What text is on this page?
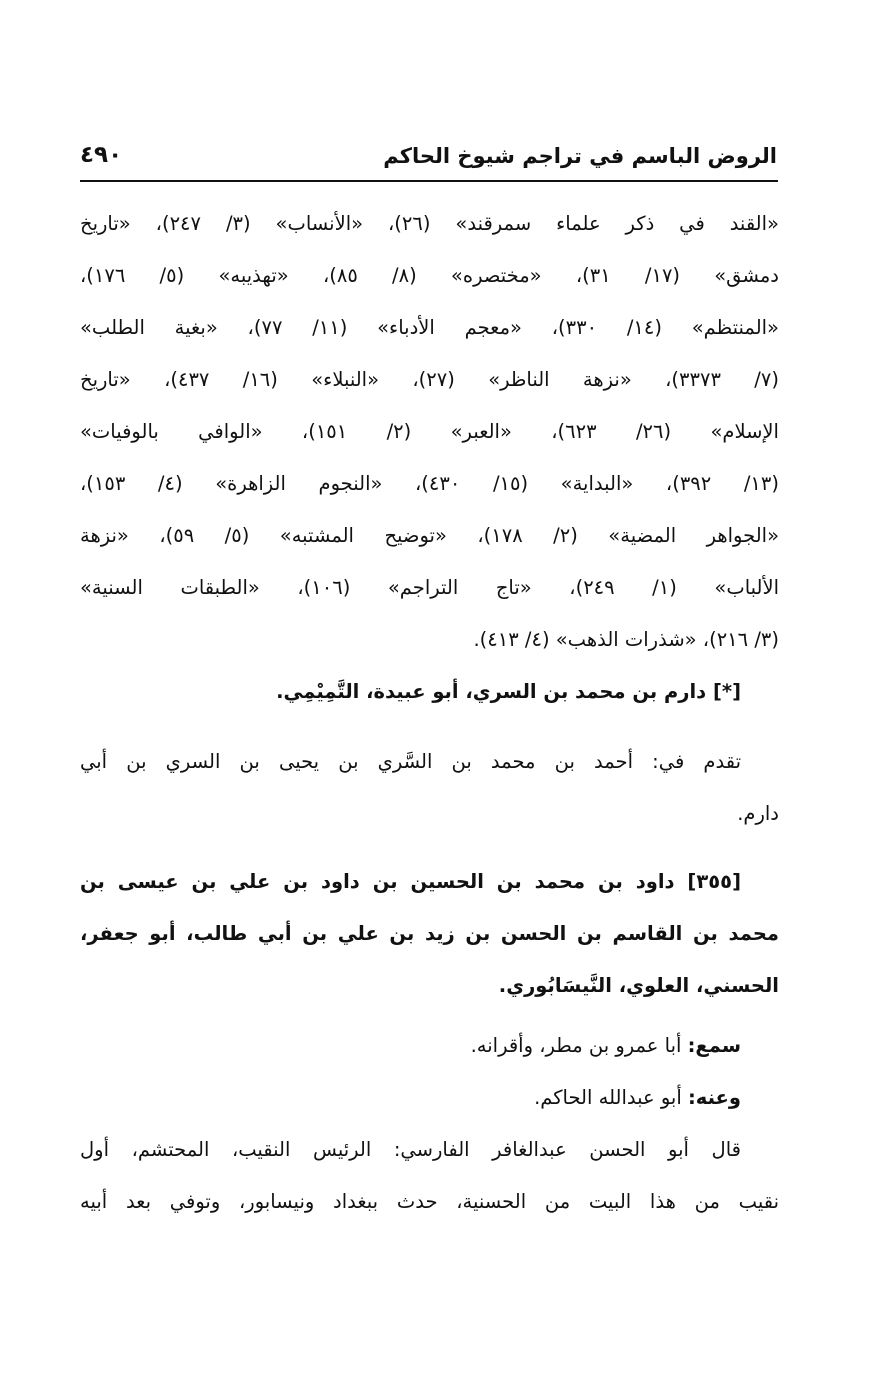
الروض الباسم في تراجم شيوخ الحاكم
٤٩٠
«القند في ذكر علماء سمرقند» (٢٦)، «الأنساب» (٣/ ٢٤٧)، «تاريخ
دمشق» (١٧/ ٣١)، «مختصره» (٨/ ٨٥)، «تهذيبه» (٥/ ١٧٦)،
«المنتظم» (١٤/ ٣٣٠)، «معجم الأدباء» (١١/ ٧٧)، «بغية الطلب»
(٧/ ٣٣٧٣)، «نزهة الناظر» (٢٧)، «النبلاء» (١٦/ ٤٣٧)، «تاريخ
الإسلام» (٢٦/ ٦٢٣)، «العبر» (٢/ ١٥١)، «الوافي بالوفيات»
(١٣/ ٣٩٢)، «البداية» (١٥/ ٤٣٠)، «النجوم الزاهرة» (٤/ ١٥٣)،
«الجواهر المضية» (٢/ ١٧٨)، «توضيح المشتبه» (٥/ ٥٩)، «نزهة
الألباب» (١/ ٢٤٩)، «تاج التراجم» (١٠٦)، «الطبقات السنية»
(٣/ ٢١٦)، «شذرات الذهب» (٤/ ٤١٣).
[*] دارم بن محمد بن السري، أبو عبيدة، التَّمِيْمِي.
تقدم في: أحمد بن محمد بن السَّري بن يحيى بن السري بن أبي
دارم.
[٣٥٥] داود بن محمد بن الحسين بن داود بن علي بن عيسى بن
محمد بن القاسم بن الحسن بن زيد بن علي بن أبي طالب، أبو جعفر،
الحسني، العلوي، النَّيسَابُوري.
سمع: أبا عمرو بن مطر، وأقرانه.
وعنه: أبو عبدالله الحاكم.
قال أبو الحسن عبدالغافر الفارسي: الرئيس النقيب، المحتشم، أول
نقيب من هذا البيت من الحسنية، حدث ببغداد ونيسابور، وتوفي بعد أبيه
